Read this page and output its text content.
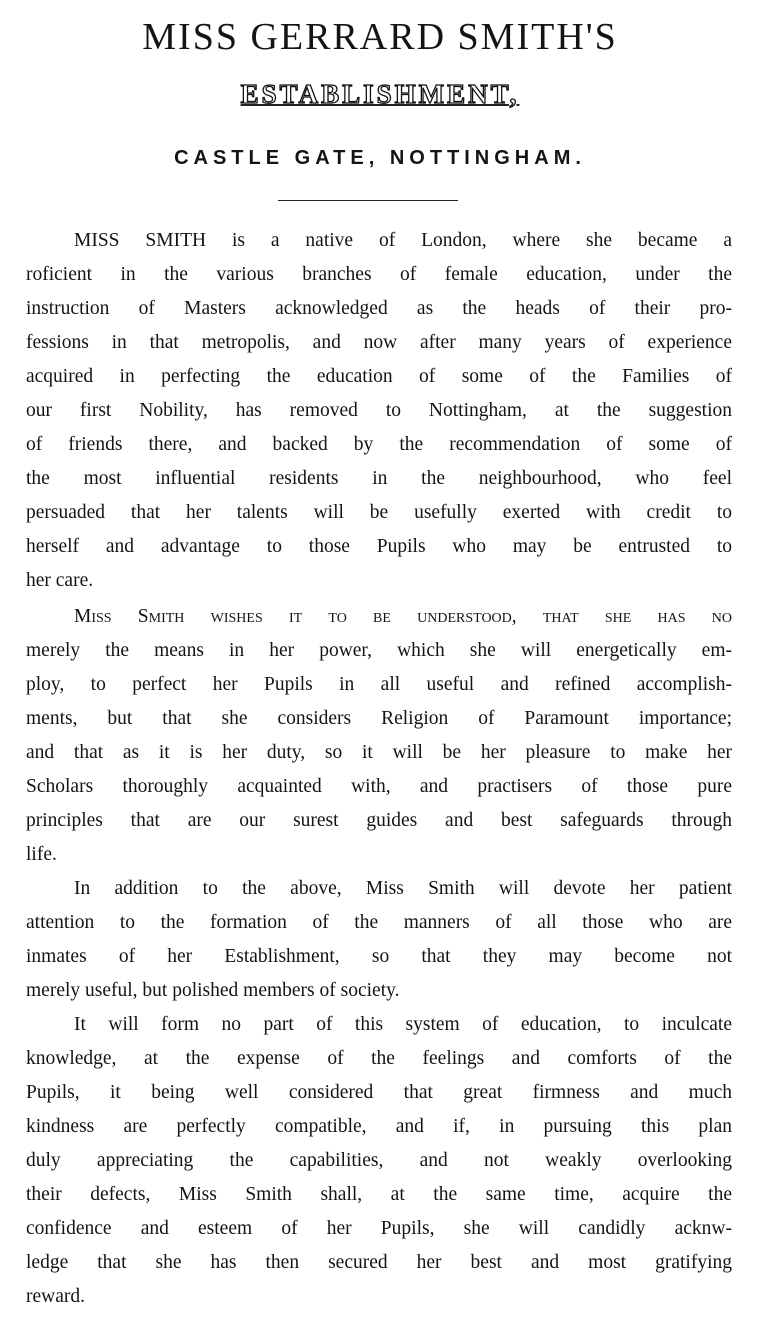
MISS GERRARD SMITH'S
ESTABLISHMENT,
CASTLE GATE, NOTTINGHAM.

MISS SMITH is a native of London, where she became a

roficient in the various branches of female education, under the

instruction of Masters acknowledged as the heads of their pro-

fessions in that metropolis, and now after many years of experience

acquired in perfecting the education of some of the Families of

our first Nobility, has removed to Nottingham, at the suggestion

of friends there, and backed by the recommendation of some of

the most influential residents in the neighbourhood, who feel

persuaded that her talents will be usefully exerted with credit to

herself and advantage to those Pupils who may be entrusted to

her care.

Miss Smith wishes it to be understood, that she has no

merely the means in her power, which she will energetically em-

ploy, to perfect her Pupils in all useful and refined accomplish-

ments, but that she considers Religion of Paramount importance;

and that as it is her duty, so it will be her pleasure to make her

Scholars thoroughly acquainted with, and practisers of those pure

principles that are our surest guides and best safeguards through

life.

In addition to the above, Miss Smith will devote her patient

attention to the formation of the manners of all those who are

inmates of her Establishment, so that they may become not

merely useful, but polished members of society.

It will form no part of this system of education, to inculcate

knowledge, at the expense of the feelings and comforts of the

Pupils, it being well considered that great firmness and much

kindness are perfectly compatible, and if, in pursuing this plan

duly appreciating the capabilities, and not weakly overlooking

their defects, Miss Smith shall, at the same time, acquire the

confidence and esteem of her Pupils, she will candidly acknw-

ledge that she has then secured her best and most gratifying

reward.
